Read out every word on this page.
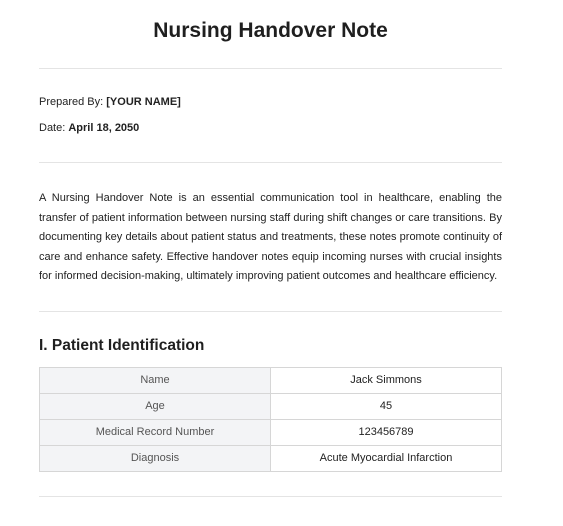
Nursing Handover Note
Prepared By: [YOUR NAME]
Date: April 18, 2050

A Nursing Handover Note is an essential communication tool in healthcare, enabling the transfer of patient information between nursing staff during shift changes or care transitions. By documenting key details about patient status and treatments, these notes promote continuity of care and enhance safety. Effective handover notes equip incoming nurses with crucial insights for informed decision-making, ultimately improving patient outcomes and healthcare efficiency.

I. Patient Identification
Name	Jack Simmons
Age	45
Medical Record Number	123456789
Diagnosis	Acute Myocardial Infarction
